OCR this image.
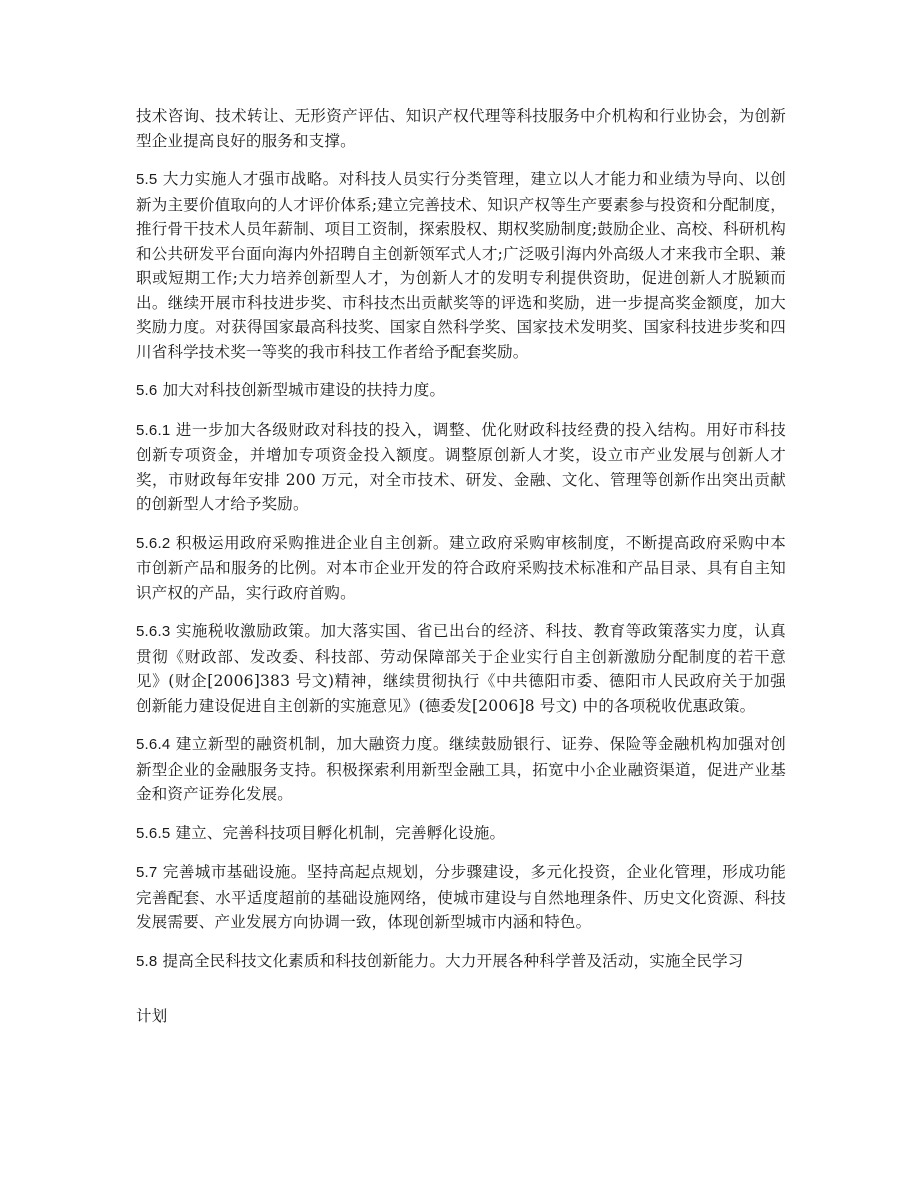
技术咨询、技术转让、无形资产评估、知识产权代理等科技服务中介机构和行业协会，为创新型企业提高良好的服务和支撑。

5.5 大力实施人才强市战略。对科技人员实行分类管理，建立以人才能力和业绩为导向、以创新为主要价值取向的人才评价体系;建立完善技术、知识产权等生产要素参与投资和分配制度，推行骨干技术人员年薪制、项目工资制，探索股权、期权奖励制度;鼓励企业、高校、科研机构和公共研发平台面向海内外招聘自主创新领军式人才;广泛吸引海内外高级人才来我市全职、兼职或短期工作;大力培养创新型人才，为创新人才的发明专利提供资助，促进创新人才脱颖而出。继续开展市科技进步奖、市科技杰出贡献奖等的评选和奖励，进一步提高奖金额度，加大奖励力度。对获得国家最高科技奖、国家自然科学奖、国家技术发明奖、国家科技进步奖和四川省科学技术奖一等奖的我市科技工作者给予配套奖励。

5.6 加大对科技创新型城市建设的扶持力度。

5.6.1 进一步加大各级财政对科技的投入，调整、优化财政科技经费的投入结构。用好市科技创新专项资金，并增加专项资金投入额度。调整原创新人才奖，设立市产业发展与创新人才奖，市财政每年安排 200 万元，对全市技术、研发、金融、文化、管理等创新作出突出贡献的创新型人才给予奖励。

5.6.2 积极运用政府采购推进企业自主创新。建立政府采购审核制度，不断提高政府采购中本市创新产品和服务的比例。对本市企业开发的符合政府采购技术标准和产品目录、具有自主知识产权的产品，实行政府首购。

5.6.3 实施税收激励政策。加大落实国、省已出台的经济、科技、教育等政策落实力度，认真贯彻《财政部、发改委、科技部、劳动保障部关于企业实行自主创新激励分配制度的若干意见》(财企[2006]383 号文)精神，继续贯彻执行《中共德阳市委、德阳市人民政府关于加强创新能力建设促进自主创新的实施意见》(德委发[2006]8 号文) 中的各项税收优惠政策。

5.6.4 建立新型的融资机制，加大融资力度。继续鼓励银行、证券、保险等金融机构加强对创新型企业的金融服务支持。积极探索利用新型金融工具，拓宽中小企业融资渠道，促进产业基金和资产证券化发展。

5.6.5 建立、完善科技项目孵化机制，完善孵化设施。

5.7 完善城市基础设施。坚持高起点规划，分步骤建设，多元化投资，企业化管理，形成功能完善配套、水平适度超前的基础设施网络，使城市建设与自然地理条件、历史文化资源、科技发展需要、产业发展方向协调一致，体现创新型城市内涵和特色。

5.8 提高全民科技文化素质和科技创新能力。大力开展各种科学普及活动，实施全民学习

计划
